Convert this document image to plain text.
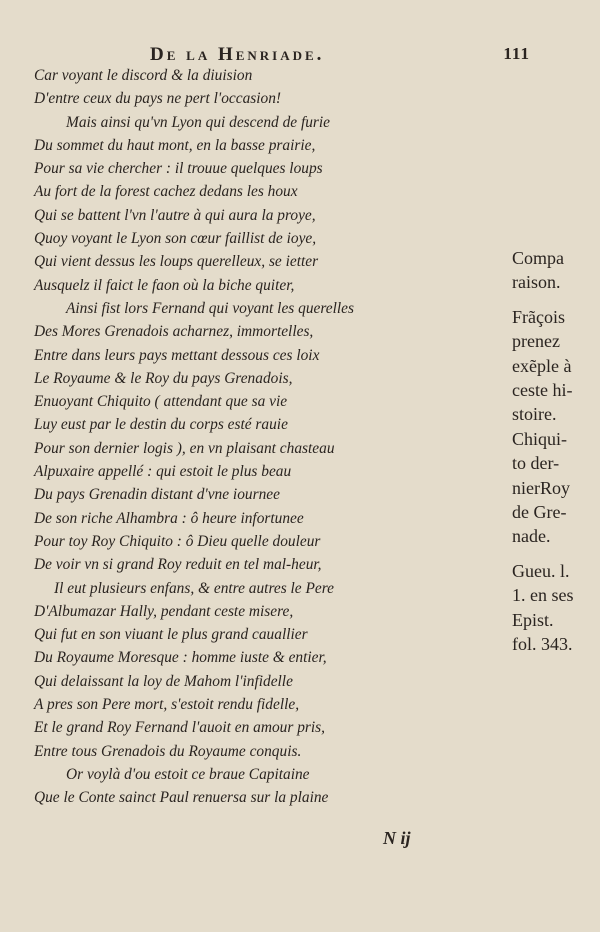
De la Henriade.	111
Car voyant le discord & la diuision
D'entre ceux du pays ne pert l'occasion!
Mais ainsi qu'vn Lyon qui descend de furie
Du sommet du haut mont, en la basse prairie,
Pour sa vie chercher : il trouue quelques loups
Au fort de la forest cachez dedans les houx
Qui se battent l'vn l'autre à qui aura la proye,
Quoy voyant le Lyon son cœur faillist de ioye,
Qui vient dessus les loups querelleux, se ietter
Ausquelz il faict le faon où la biche quiter,
Ainsi fist lors Fernand qui voyant les querelles
Des Mores Grenadois acharnez, immortelles,
Entre dans leurs pays mettant dessous ces loix
Le Royaume & le Roy du pays Grenadois,
Enuoyant Chiquito ( attendant que sa vie
Luy eust par le destin du corps esté rauie
Pour son dernier logis ), en vn plaisant chasteau
Alpuxaire appellé : qui estoit le plus beau
Du pays Grenadin distant d'vne iournee
De son riche Alhambra : ô heure infortunee
Pour toy Roy Chiquito : ô Dieu quelle douleur
De voir vn si grand Roy reduit en tel mal-heur,
Il eut plusieurs enfans, & entre autres le Pere
D'Albumazar Hally, pendant ceste misere,
Qui fut en son viuant le plus grand cauallier
Du Royaume Moresque : homme iuste & entier,
Qui delaissant la loy de Mahom l'infidelle
A pres son Pere mort, s'estoit rendu fidelle,
Et le grand Roy Fernand l'auoit en amour pris,
Entre tous Grenadois du Royaume conquis.
Or voylà d'ou estoit ce braue Capitaine
Que le Conte sainct Paul renuersa sur la plaine
Compa
raison.
Frãçois
prenez
exẽple à
ceste hi-
stoire.
Chiqui-
to der-
nierRoy
de Gre-
nade.
Gueu. l.
1. en ses
Epist.
fol. 343.
N ij
